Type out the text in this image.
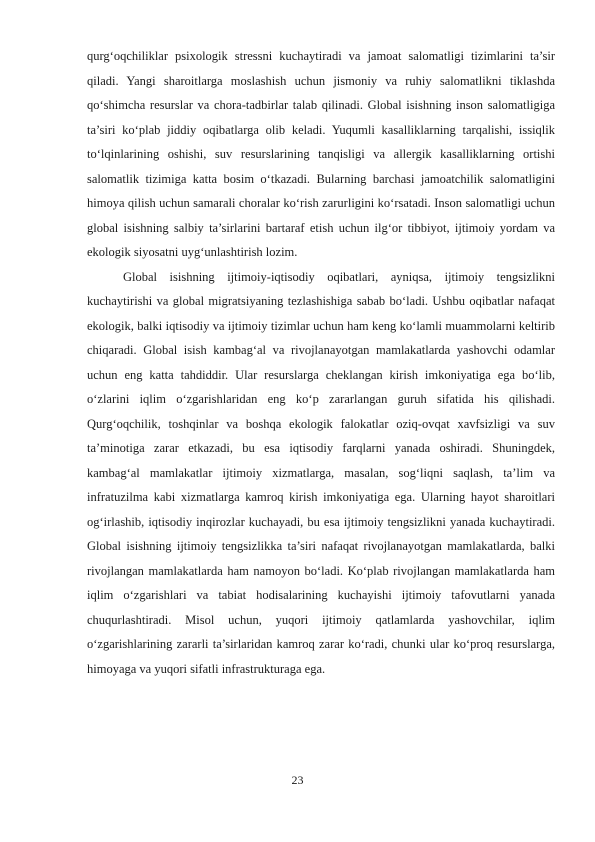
qurg‘oqchiliklar psixologik stressni kuchaytiradi va jamoat salomatligi tizimlarini ta’sir qiladi. Yangi sharoitlarga moslashish uchun jismoniy va ruhiy salomatlikni tiklashda qo‘shimcha resurslar va chora-tadbirlar talab qilinadi. Global isishning inson salomatligiga ta’siri ko‘plab jiddiy oqibatlarga olib keladi. Yuqumli kasalliklarning tarqalishi, issiqlik to‘lqinlarining oshishi, suv resurslarining tanqisligi va allergik kasalliklarning ortishi salomatlik tizimiga katta bosim o‘tkazadi. Bularning barchasi jamoatchilik salomatligini himoya qilish uchun samarali choralar ko‘rish zarurligini ko‘rsatadi. Inson salomatligi uchun global isishning salbiy ta’sirlarini bartaraf etish uchun ilg‘or tibbiyot, ijtimoiy yordam va ekologik siyosatni uyg‘unlashtirish lozim.

Global isishning ijtimoiy-iqtisodiy oqibatlari, ayniqsa, ijtimoiy tengsizlikni kuchaytirishi va global migratsiyaning tezlashishiga sabab bo‘ladi. Ushbu oqibatlar nafaqat ekologik, balki iqtisodiy va ijtimoiy tizimlar uchun ham keng ko‘lamli muammolarni keltirib chiqaradi. Global isish kambag‘al va rivojlanayotgan mamlakatlarda yashovchi odamlar uchun eng katta tahdiddir. Ular resurslarga cheklangan kirish imkoniyatiga ega bo‘lib, o‘zlarini iqlim o‘zgarishlaridan eng ko‘p zararlangan guruh sifatida his qilishadi. Qurg‘oqchilik, toshqinlar va boshqa ekologik falokatlar oziq-ovqat xavfsizligi va suv ta’minotiga zarar etkazadi, bu esa iqtisodiy farqlarni yanada oshiradi. Shuningdek, kambag‘al mamlakatlar ijtimoiy xizmatlarga, masalan, sog‘liqni saqlash, ta’lim va infratuzilma kabi xizmatlarga kamroq kirish imkoniyatiga ega. Ularning hayot sharoitlari og‘irlashib, iqtisodiy inqirozlar kuchayadi, bu esa ijtimoiy tengsizlikni yanada kuchaytiradi. Global isishning ijtimoiy tengsizlikka ta’siri nafaqat rivojlanayotgan mamlakatlarda, balki rivojlangan mamlakatlarda ham namoyon bo‘ladi. Ko‘plab rivojlangan mamlakatlarda ham iqlim o‘zgarishlari va tabiat hodisalarining kuchayishi ijtimoiy tafovutlarni yanada chuqurlashtiradi. Misol uchun, yuqori ijtimoiy qatlamlarda yashovchilar, iqlim o‘zgarishlarining zararli ta’sirlaridan kamroq zarar ko‘radi, chunki ular ko‘proq resurslarga, himoyaga va yuqori sifatli infrastrukturaga ega.

23
